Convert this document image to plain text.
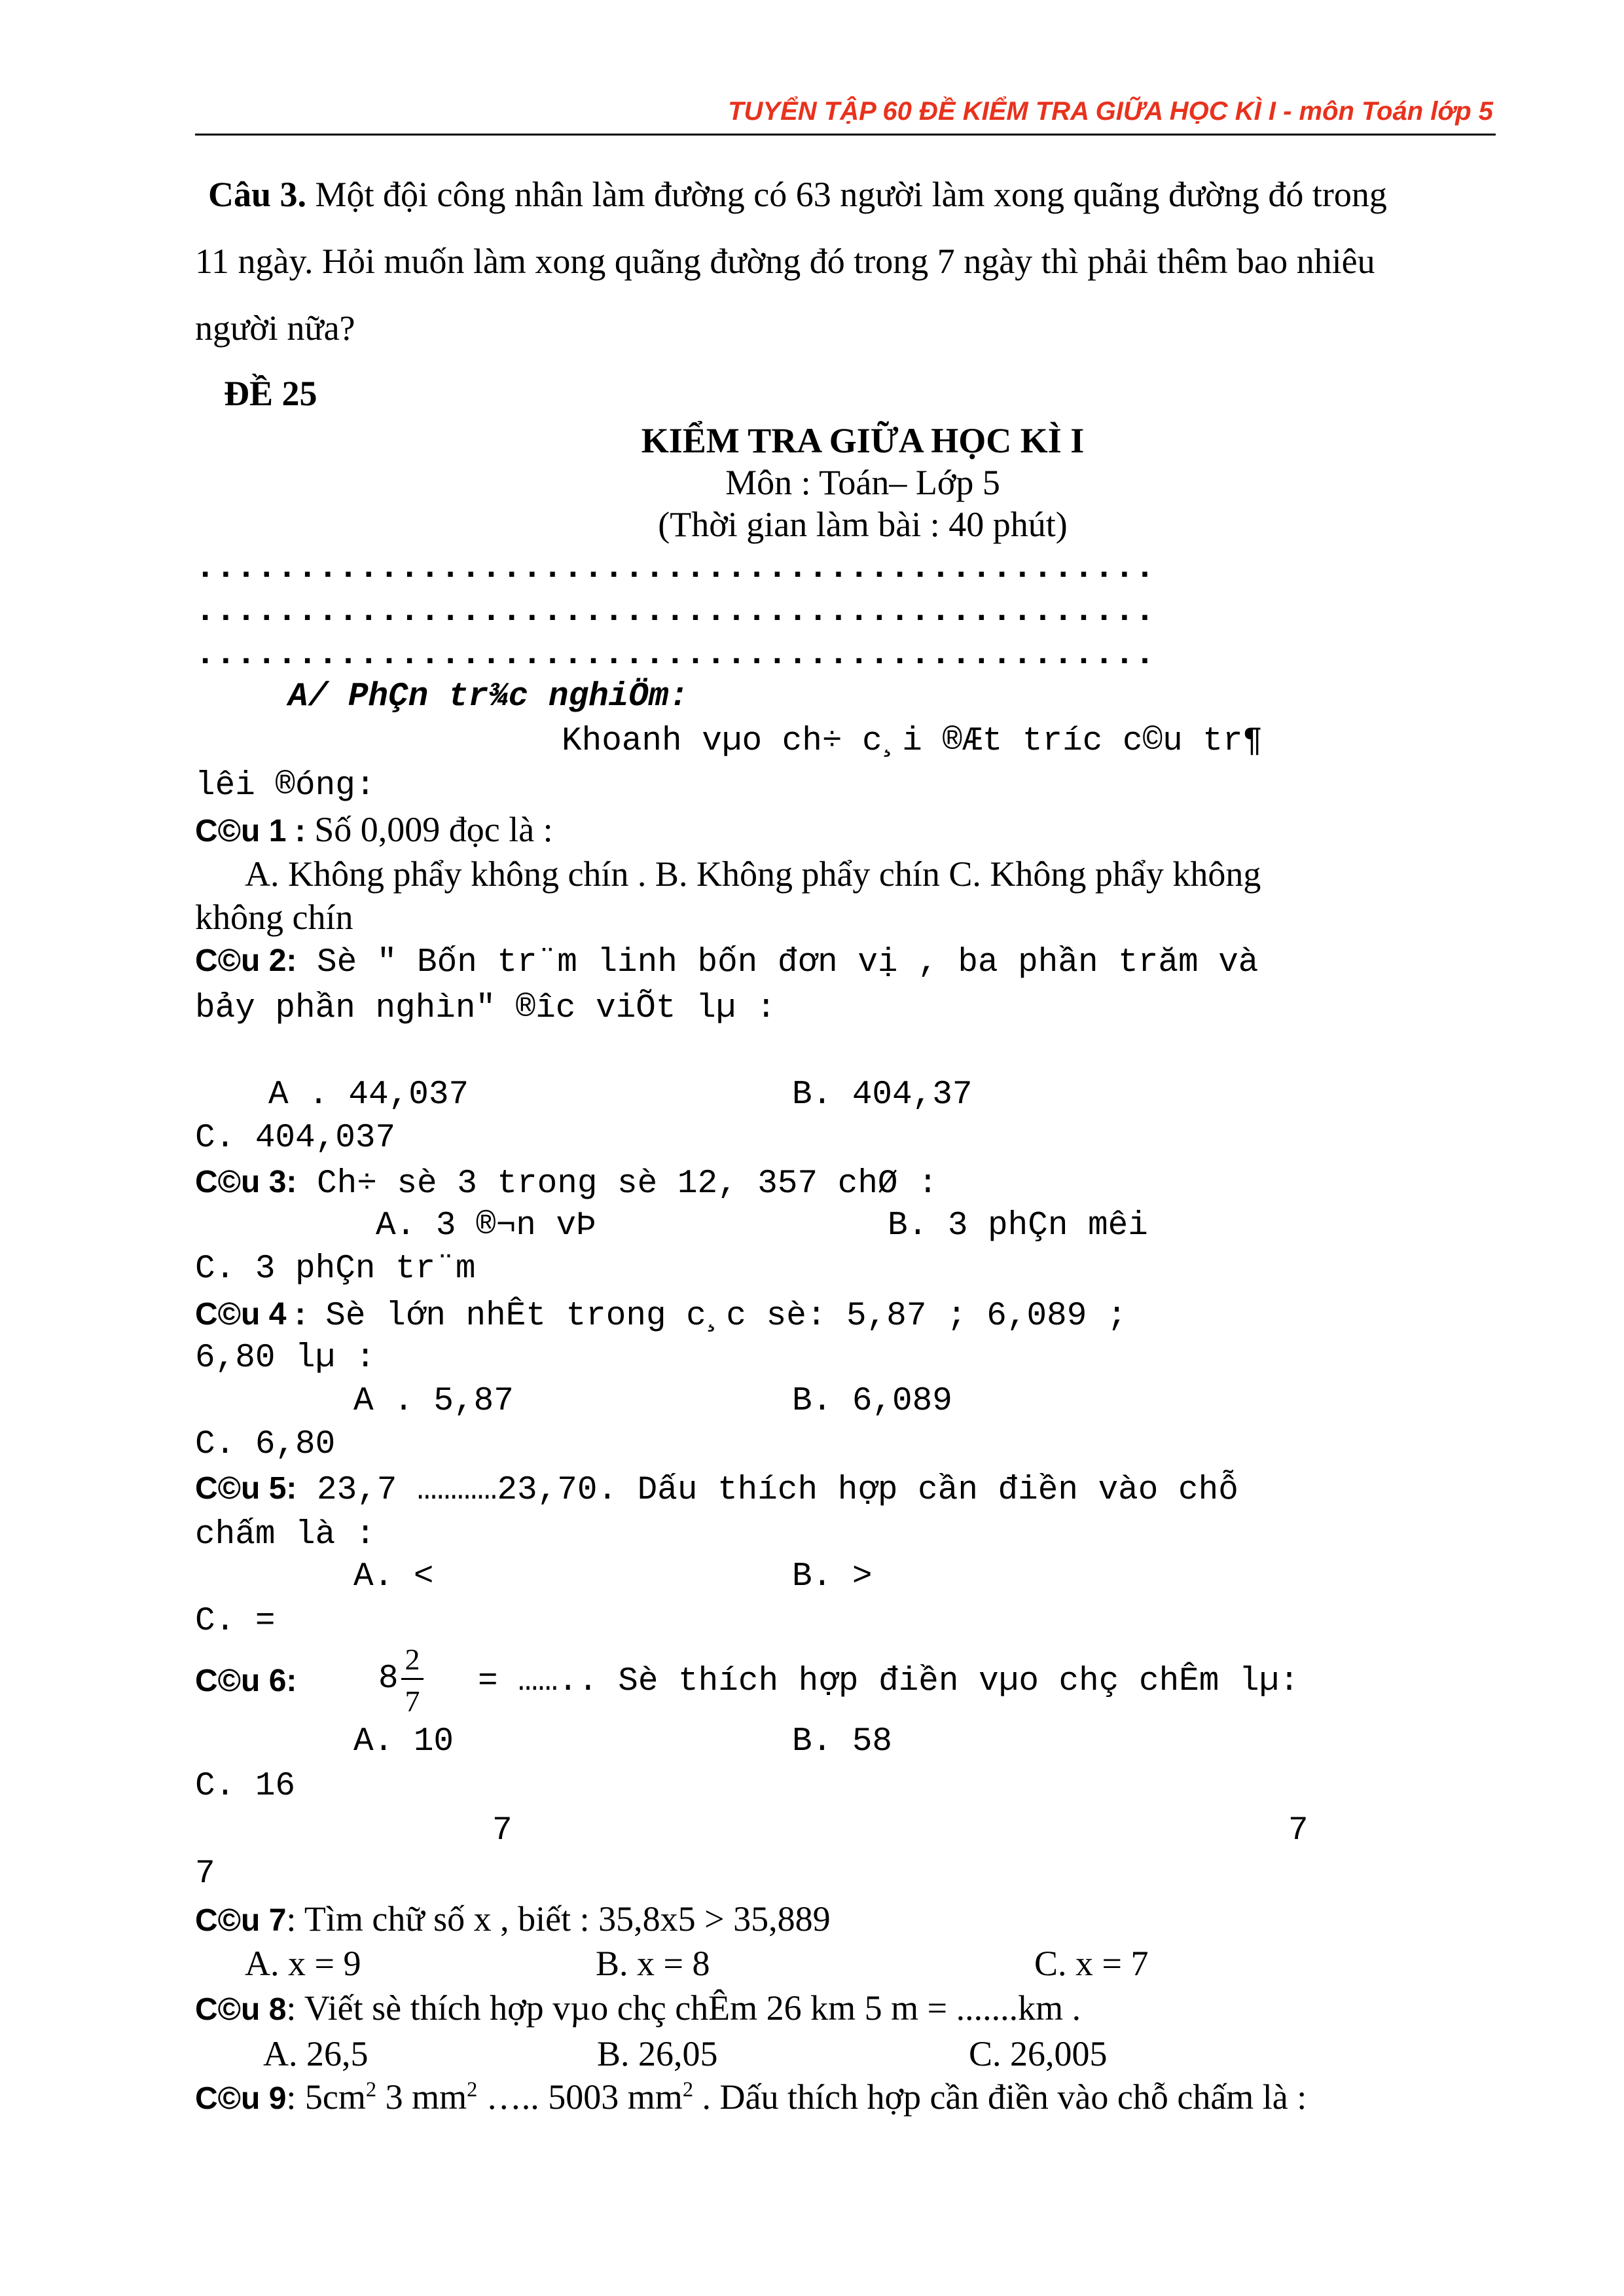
TUYỂN TẬP 60 ĐỀ KIỂM TRA GIỮA HỌC KÌ I - môn Toán lớp 5
Câu 3. Một đội công nhân làm đường có 63 người làm xong quãng đường đó trong
11 ngày. Hỏi muốn làm xong quãng đường đó trong 7 ngày thì phải thêm bao nhiêu
người nữa?
ĐỀ 25
KIỂM TRA GIỮA HỌC KÌ I
Môn : Toán– Lớp 5
(Thời gian làm bài : 40 phút)
...............................................
...............................................
...............................................
A/ PhÇn tr¾c nghiÖm:
Khoanh vµo ch÷ c¸i ®Æt tríc c©u tr¶
lêi ®óng:
C©u 1 : Số 0,009 đọc là :
A. Không phẩy không chín . B. Không phẩy chín C. Không phẩy không
không chín
C©u 2: Sè " Bốn tr¨m linh bốn đơn vị , ba phần trăm và
bảy phần nghìn" ®îc viÕt lµ :
A . 44,037	B. 404,37
C. 404,037
C©u 3: Ch÷ sè 3 trong sè 12, 357 chØ :
A. 3 ®¬n vÞ	B. 3 phÇn mêi
C. 3 phÇn tr¨m
C©u 4 : Sè lớn nhÊt trong c¸c sè: 5,87 ; 6,089 ;
6,80 lµ :
A . 5,87	B. 6,089
C. 6,80
C©u 5: 23,7 …………23,70. Dấu thích hợp cần điền vào chỗ
chấm là :
A. <	B. >
C. =
C©u 6: 8
2
7
= …….. Sè thích hợp điền vµo chç chÊm lµ:
A. 10	B. 58
C. 16
7	7
7
C©u 7: Tìm chữ số x , biết : 35,8x5 > 35,889
A. x = 9	B. x = 8	C. x = 7
C©u 8: Viết sè thích hợp vµo chç chÊm 26 km 5 m = .......km .
A. 26,5	B. 26,05	C. 26,005
C©u 9: $5cm^2$ 3 $mm^2$ ….. 5003 $mm^2$ . Dấu thích hợp cần điền vào chỗ chấm là :
